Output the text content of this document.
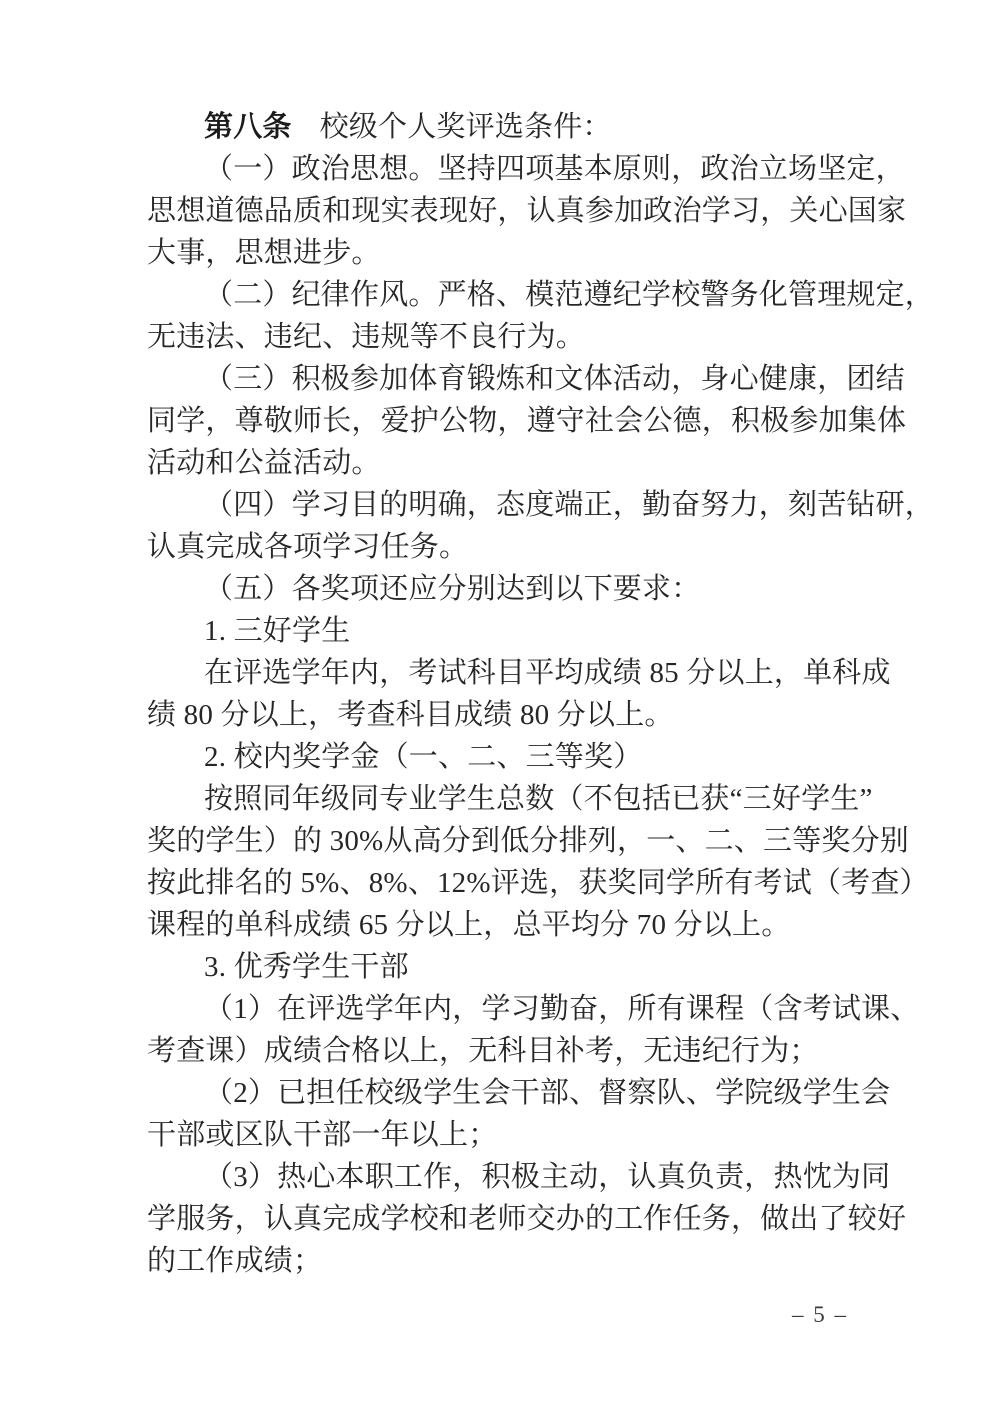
第八条 校级个人奖评选条件：
（一）政治思想。坚持四项基本原则，政治立场坚定，
思想道德品质和现实表现好，认真参加政治学习，关心国家
大事，思想进步。
（二）纪律作风。严格、模范遵纪学校警务化管理规定，
无违法、违纪、违规等不良行为。
（三）积极参加体育锻炼和文体活动，身心健康，团结
同学，尊敬师长，爱护公物，遵守社会公德，积极参加集体
活动和公益活动。
（四）学习目的明确，态度端正，勤奋努力，刻苦钻研，
认真完成各项学习任务。
（五）各奖项还应分别达到以下要求：
1. 三好学生
在评选学年内，考试科目平均成绩 85 分以上，单科成
绩 80 分以上，考查科目成绩 80 分以上。
2. 校内奖学金（一、二、三等奖）
按照同年级同专业学生总数（不包括已获“三好学生”
奖的学生）的 30%从高分到低分排列，一、二、三等奖分别
按此排名的 5%、8%、12%评选，获奖同学所有考试（考查）
课程的单科成绩 65 分以上，总平均分 70 分以上。
3. 优秀学生干部
（1）在评选学年内，学习勤奋，所有课程（含考试课、
考查课）成绩合格以上，无科目补考，无违纪行为；
（2）已担任校级学生会干部、督察队、学院级学生会
干部或区队干部一年以上；
（3）热心本职工作，积极主动，认真负责，热忱为同
学服务，认真完成学校和老师交办的工作任务，做出了较好
的工作成绩；
– 5 –
